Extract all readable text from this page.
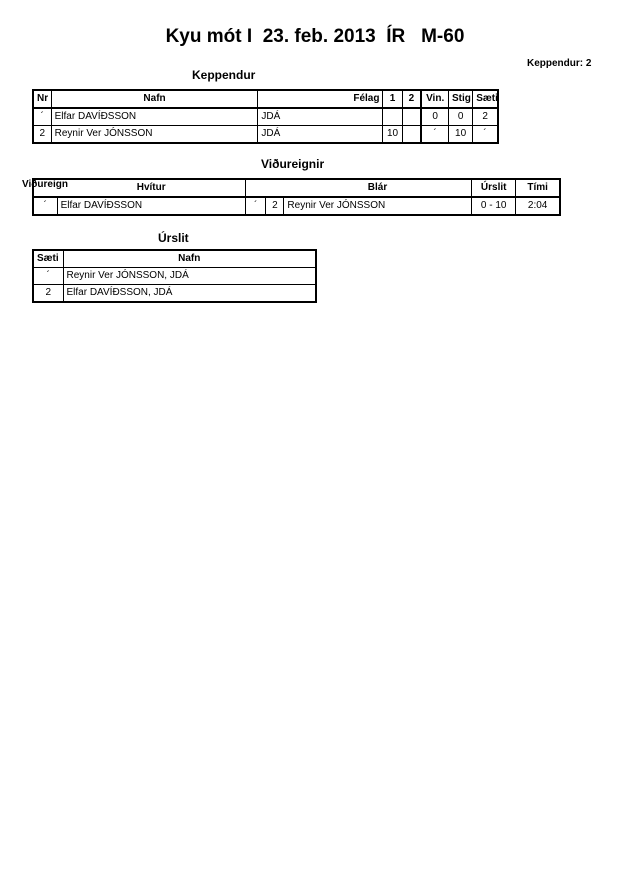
Kyu mót I  23. feb. 2013  ÍR   M-60
Keppendur: 2
Keppendur
Nr	Nafn	Félag	1	2	Vin.	Stig	Sæti
´	Elfar DAVÍÐSSON	JDÁ			0	0	2
2	Reynir Ver JÓNSSON	JDÁ	10		´	10	´
Viðureignir
Viðureign
		Hvítur			Blár	Úrslit	Tími
´	Elfar DAVÍÐSSON	´	2	Reynir Ver JÓNSSON	0 - 10	2:04
Úrslit
Sæti	Nafn
´	Reynir Ver JÓNSSON, JDÁ
2	Elfar DAVÍÐSSON, JDÁ
